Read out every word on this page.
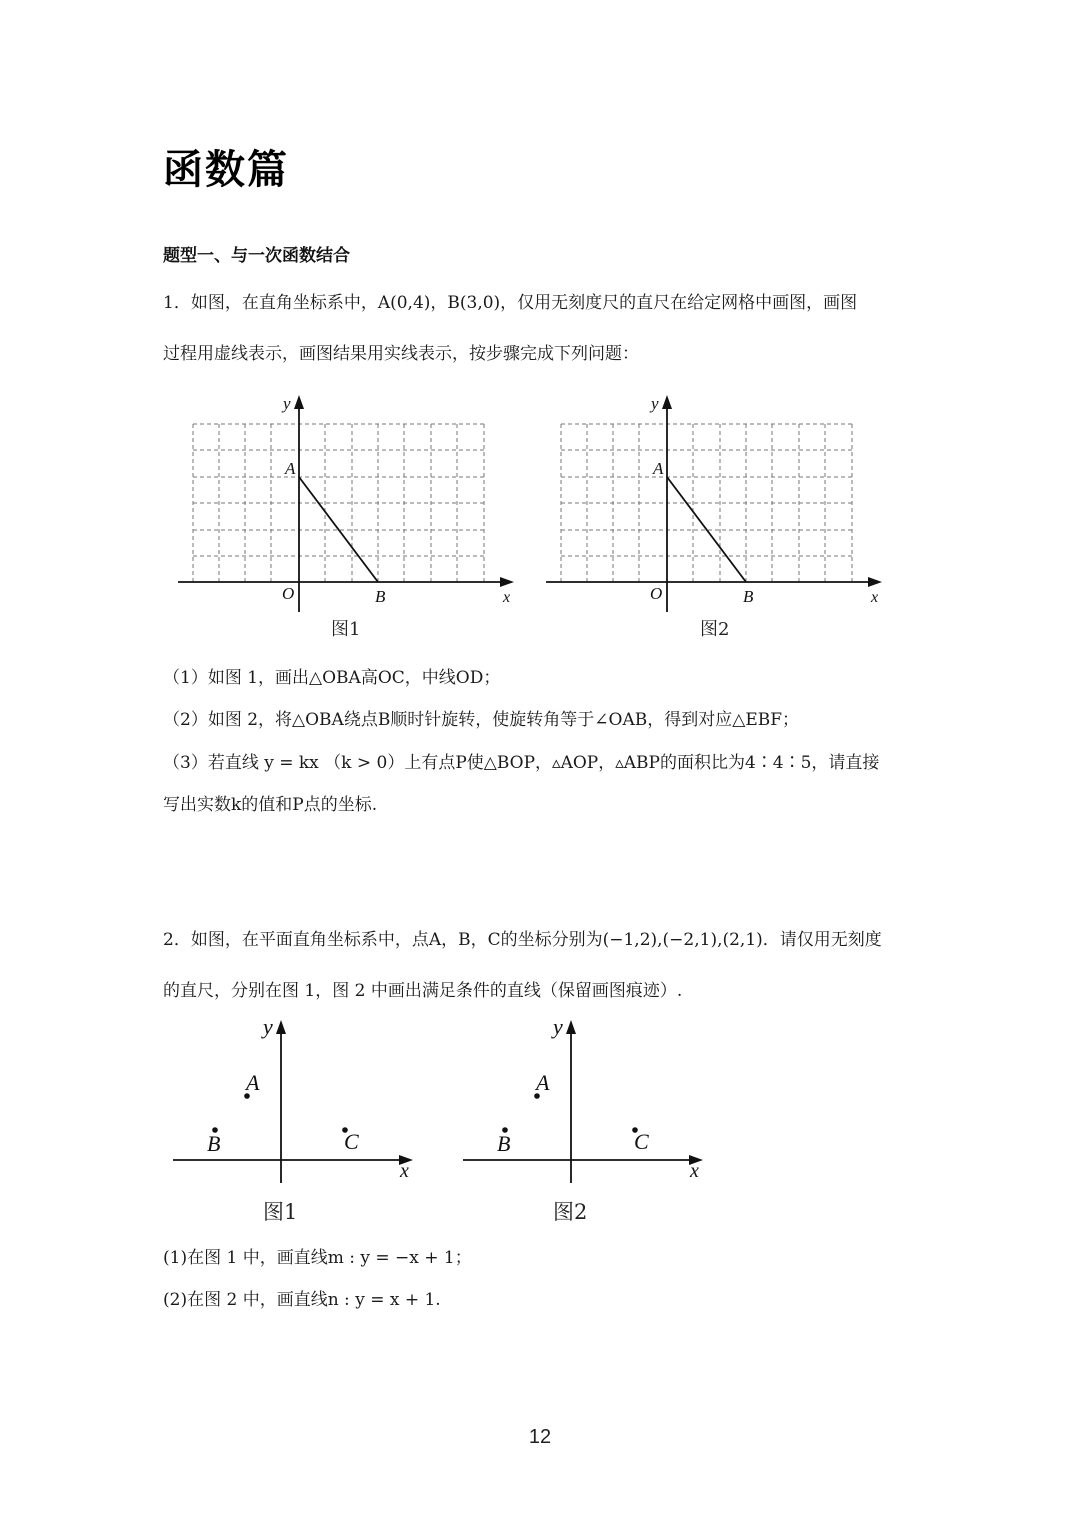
函数篇
题型一、与一次函数结合
1．如图，在直角坐标系中，A(0,4)，B(3,0)，仅用无刻度尺的直尺在给定网格中画图，画图
过程用虚线表示，画图结果用实线表示，按步骤完成下列问题：
y
A
O	B	x
图1
y
A
O	B	x
图2
（1）如图 1，画出△OBA高OC，中线OD；
（2）如图 2，将△OBA绕点B顺时针旋转，使旋转角等于∠OAB，得到对应△EBF；
（3）若直线 y = kx （k > 0）上有点P使△BOP，▵AOP，▵ABP的面积比为4∶4∶5，请直接
写出实数k的值和P点的坐标.
2．如图，在平面直角坐标系中，点A，B，C的坐标分别为(−1,2),(−2,1),(2,1)．请仅用无刻度
的直尺，分别在图 1，图 2 中画出满足条件的直线（保留画图痕迹）.
y
A
B	C
x
图1
y
A
B	C
x
图2
(1)在图 1 中，画直线m : y = −x + 1；
(2)在图 2 中，画直线n : y = x + 1.
12
